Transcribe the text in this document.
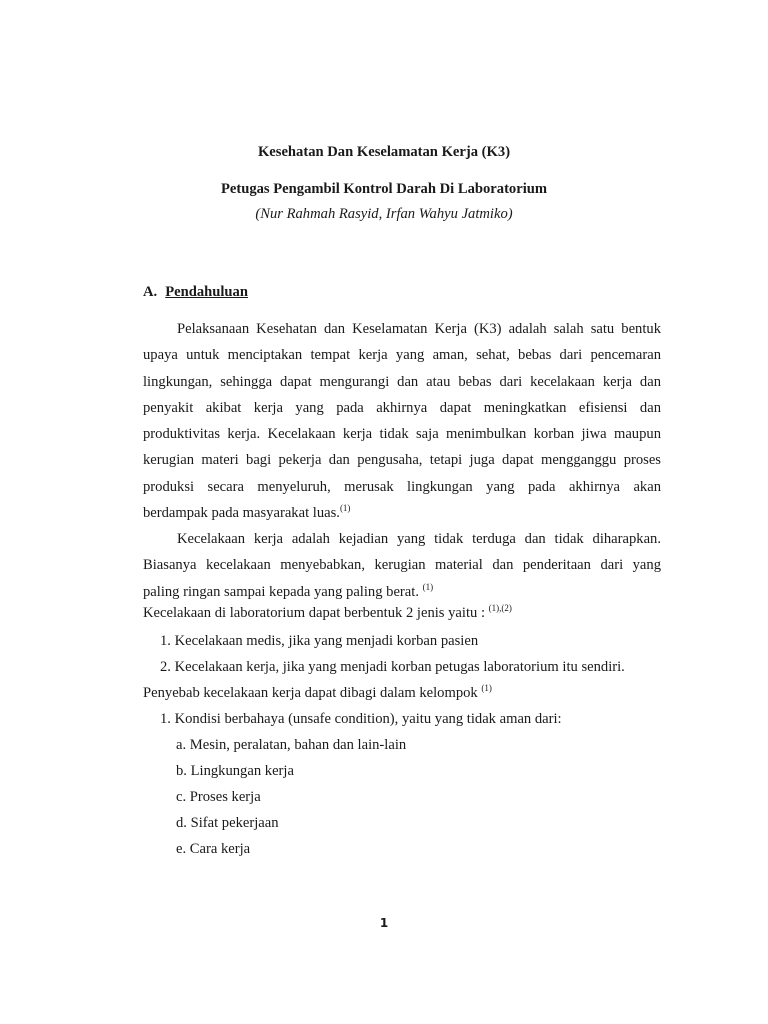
Kesehatan Dan Keselamatan Kerja (K3)
Petugas Pengambil Kontrol Darah Di Laboratorium
(Nur Rahmah Rasyid, Irfan Wahyu Jatmiko)
A. Pendahuluan
Pelaksanaan Kesehatan dan Keselamatan Kerja (K3) adalah salah satu bentuk
upaya untuk menciptakan tempat kerja yang aman, sehat, bebas dari pencemaran
lingkungan, sehingga dapat mengurangi dan atau bebas dari kecelakaan kerja dan
penyakit akibat kerja yang pada akhirnya dapat meningkatkan efisiensi dan
produktivitas kerja. Kecelakaan kerja tidak saja menimbulkan korban jiwa maupun
kerugian materi bagi pekerja dan pengusaha, tetapi juga dapat mengganggu proses
produksi secara menyeluruh, merusak lingkungan yang pada akhirnya akan
berdampak pada masyarakat luas.$^{(1)}$
Kecelakaan kerja adalah kejadian yang tidak terduga dan tidak diharapkan.
Biasanya kecelakaan menyebabkan, kerugian material dan penderitaan dari yang
paling ringan sampai kepada yang paling berat. $^{(1)}$
Kecelakaan di laboratorium dapat berbentuk 2 jenis yaitu : $^{(1),(2)}$
1. Kecelakaan medis, jika yang menjadi korban pasien
2. Kecelakaan kerja, jika yang menjadi korban petugas laboratorium itu sendiri.
Penyebab kecelakaan kerja dapat dibagi dalam kelompok $^{(1)}$
1. Kondisi berbahaya (unsafe condition), yaitu yang tidak aman dari:
a. Mesin, peralatan, bahan dan lain-lain
b. Lingkungan kerja
c. Proses kerja
d. Sifat pekerjaan
e. Cara kerja
1
